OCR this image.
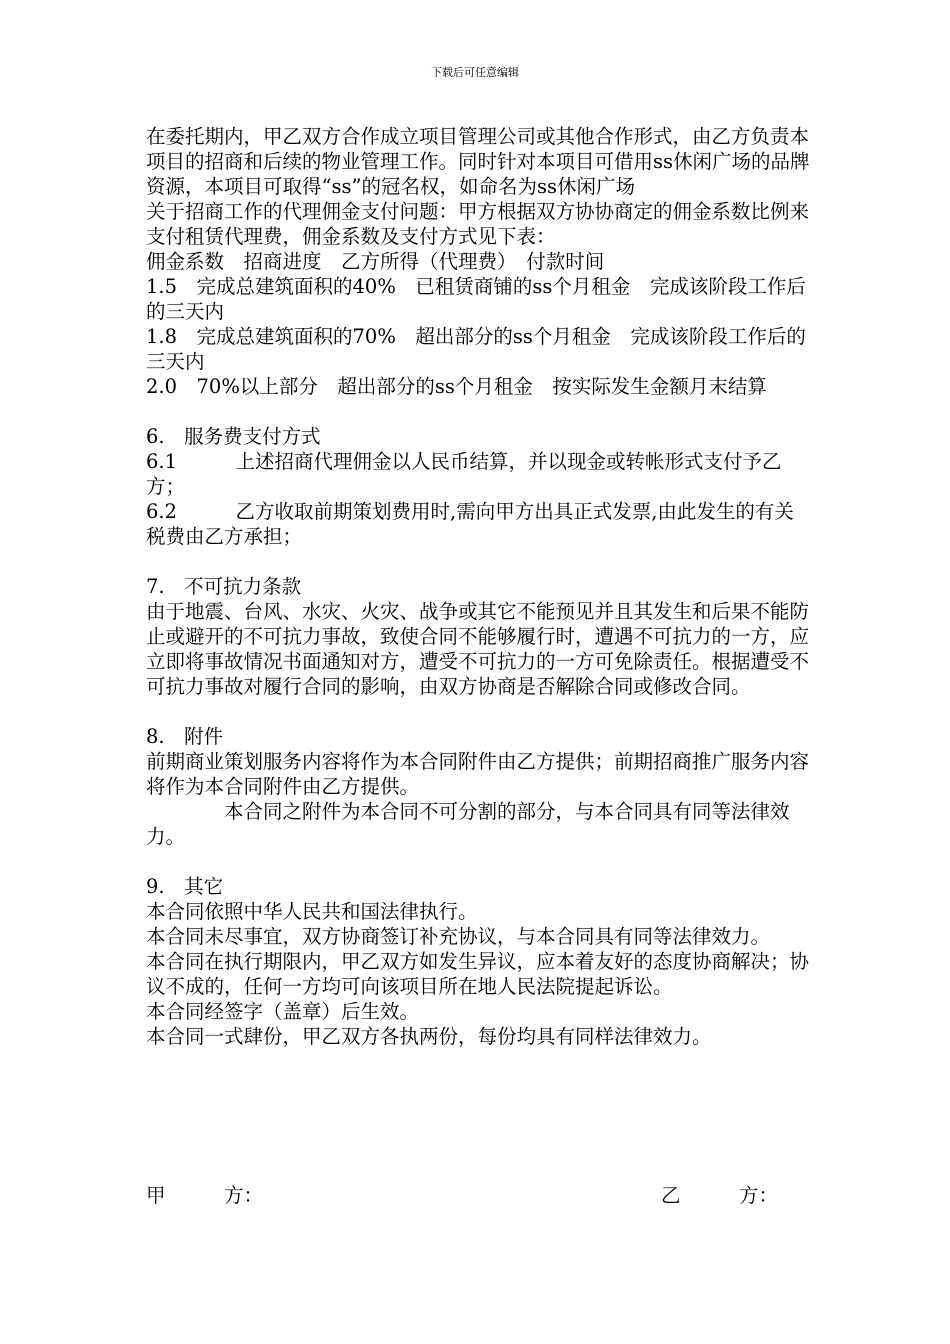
下载后可任意编辑

在委托期内，甲乙双方合作成立项目管理公司或其他合作形式，由乙方负责本项目的招商和后续的物业管理工作。同时针对本项目可借用ss休闲广场的品牌资源，本项目可取得“ss”的冠名权，如命名为ss休闲广场

关于招商工作的代理佣金支付问题：甲方根据双方协协商定的佣金系数比例来支付租赁代理费，佣金系数及支付方式见下表：

佣金系数　招商进度　乙方所得（代理费）　付款时间

1.5　完成总建筑面积的40%　已租赁商铺的ss个月租金　完成该阶段工作后的三天内

1.8　完成总建筑面积的70%　超出部分的ss个月租金　完成该阶段工作后的三天内

2.0　70%以上部分　超出部分的ss个月租金　按实际发生金额月末结算

6.　服务费支付方式

6.1　　　上述招商代理佣金以人民币结算，并以现金或转帐形式支付予乙方；

6.2　　　乙方收取前期策划费用时,需向甲方出具正式发票,由此发生的有关税费由乙方承担；

7.　不可抗力条款

由于地震、台风、水灾、火灾、战争或其它不能预见并且其发生和后果不能防止或避开的不可抗力事故，致使合同不能够履行时，遭遇不可抗力的一方，应立即将事故情况书面通知对方，遭受不可抗力的一方可免除责任。根据遭受不可抗力事故对履行合同的影响，由双方协商是否解除合同或修改合同。

8.　附件

前期商业策划服务内容将作为本合同附件由乙方提供；前期招商推广服务内容将作为本合同附件由乙方提供。

　　　　本合同之附件为本合同不可分割的部分，与本合同具有同等法律效力。

9.　其它

本合同依照中华人民共和国法律执行。

本合同未尽事宜，双方协商签订补充协议，与本合同具有同等法律效力。

本合同在执行期限内，甲乙双方如发生异议，应本着友好的态度协商解决；协议不成的，任何一方均可向该项目所在地人民法院提起诉讼。

本合同经签字（盖章）后生效。

本合同一式肆份，甲乙双方各执两份，每份均具有同样法律效力。

甲　　　方：	乙　　　方：
